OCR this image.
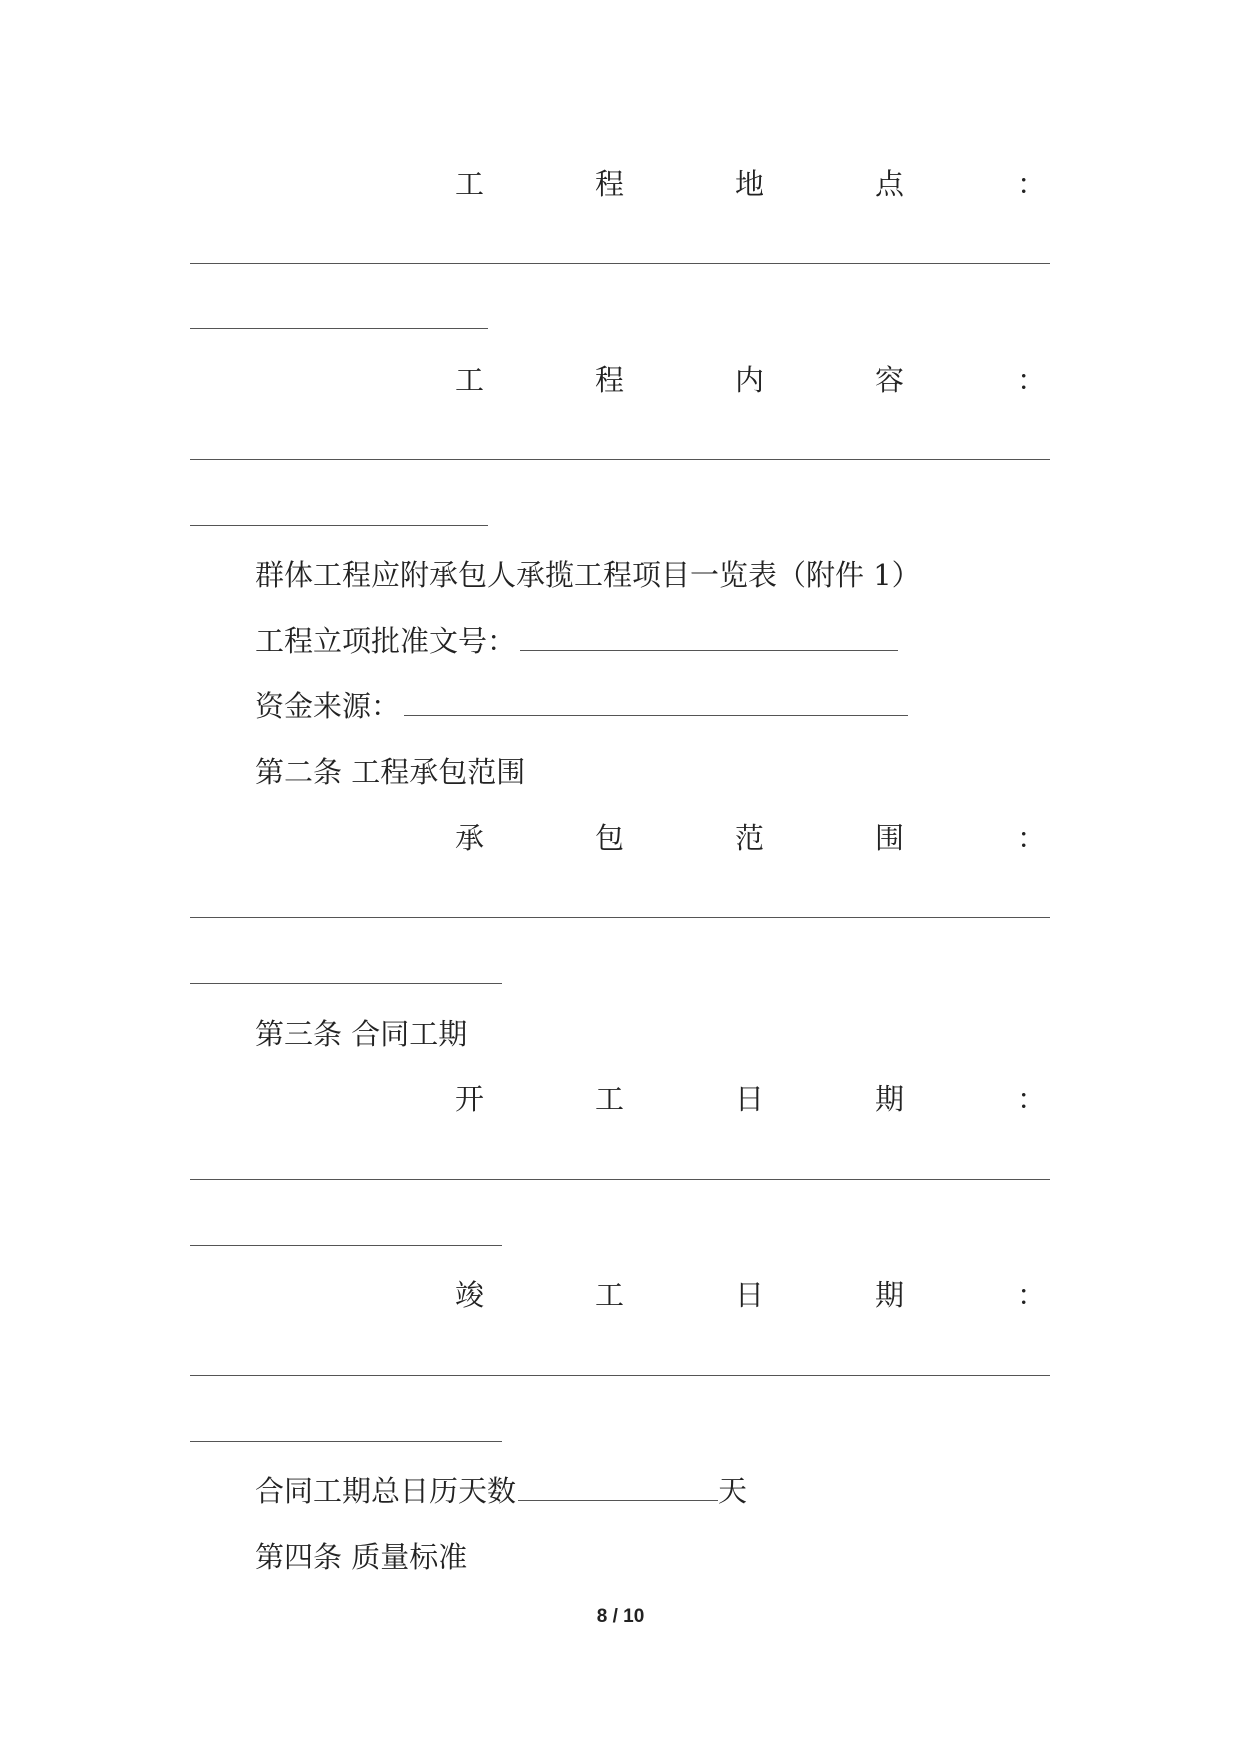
工	程	地	点	：
工	程	内	容	：
群体工程应附承包人承揽工程项目一览表（附件 1）
工程立项批准文号：
资金来源：
第二条 工程承包范围
承	包	范	围	：
第三条 合同工期
开	工	日	期	：
竣	工	日	期	：
合同工期总日历天数	天
第四条 质量标准
8 / 10
